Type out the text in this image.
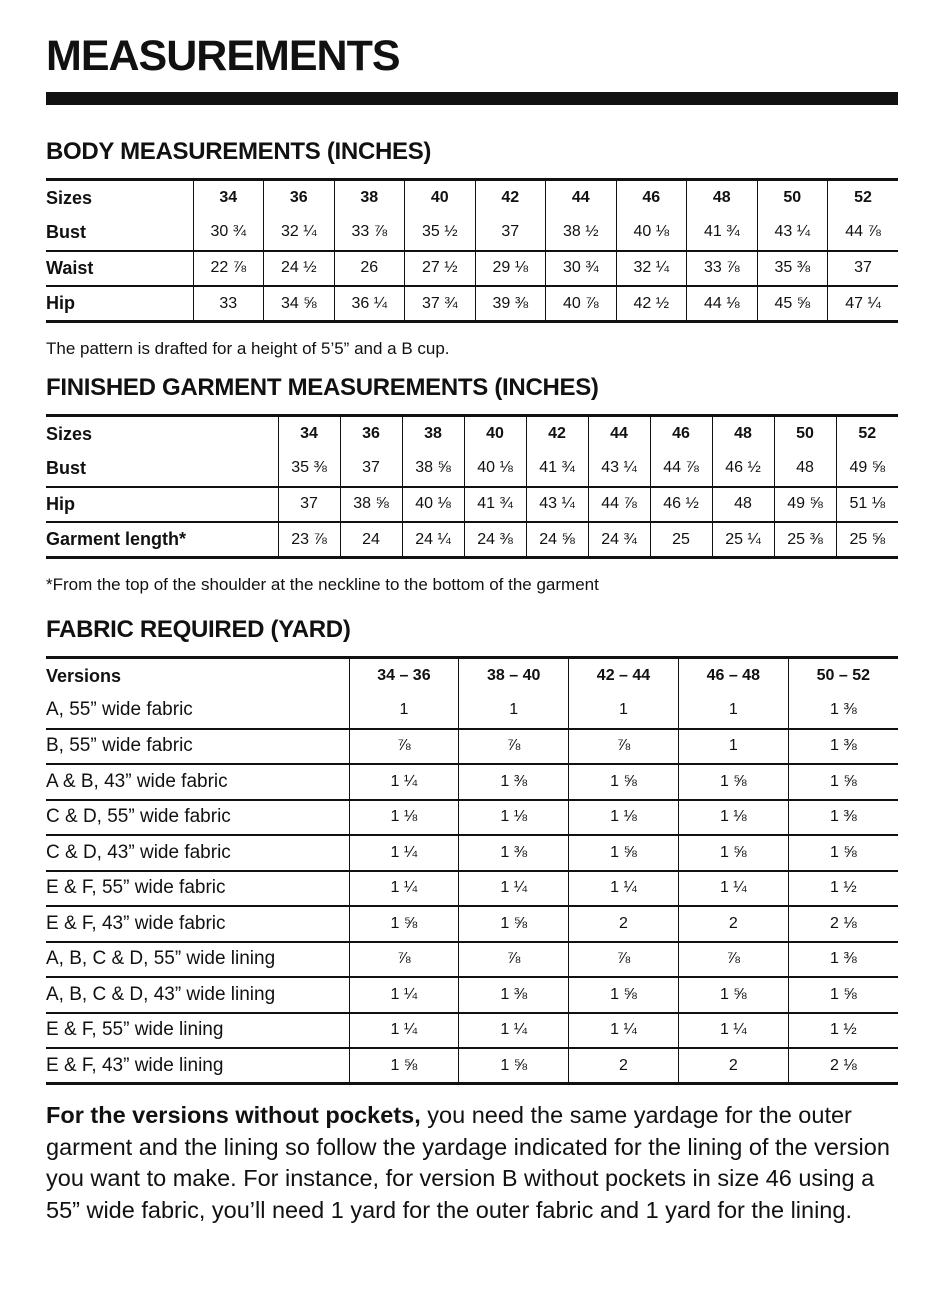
MEASUREMENTS
BODY MEASUREMENTS (INCHES)
Sizes	34	36	38	40	42	44	46	48	50	52
Bust	30 ¾	32 ¼	33 ⅞	35 ½	37	38 ½	40 ⅛	41 ¾	43 ¼	44 ⅞
Waist	22 ⅞	24 ½	26	27 ½	29 ⅛	30 ¾	32 ¼	33 ⅞	35 ⅜	37
Hip	33	34 ⅝	36 ¼	37 ¾	39 ⅜	40 ⅞	42 ½	44 ⅛	45 ⅝	47 ¼

The pattern is drafted for a height of 5’5” and a B cup.

FINISHED GARMENT MEASUREMENTS (INCHES)
Sizes	34	36	38	40	42	44	46	48	50	52
Bust	35 ⅜	37	38 ⅝	40 ⅛	41 ¾	43 ¼	44 ⅞	46 ½	48	49 ⅝
Hip	37	38 ⅝	40 ⅛	41 ¾	43 ¼	44 ⅞	46 ½	48	49 ⅝	51 ⅛
Garment length*	23 ⅞	24	24 ¼	24 ⅜	24 ⅝	24 ¾	25	25 ¼	25 ⅜	25 ⅝

*From the top of the shoulder at the neckline to the bottom of the garment

FABRIC REQUIRED (YARD)
Versions	34 – 36	38 – 40	42 – 44	46 – 48	50 – 52
A, 55” wide fabric	1	1	1	1	1 ⅜
B, 55” wide fabric	⅞	⅞	⅞	1	1 ⅜
A & B, 43” wide fabric	1 ¼	1 ⅜	1 ⅝	1 ⅝	1 ⅝
C & D, 55” wide fabric	1 ⅛	1 ⅛	1 ⅛	1 ⅛	1 ⅜
C & D, 43” wide fabric	1 ¼	1 ⅜	1 ⅝	1 ⅝	1 ⅝
E & F, 55” wide fabric	1 ¼	1 ¼	1 ¼	1 ¼	1 ½
E & F, 43” wide fabric	1 ⅝	1 ⅝	2	2	2 ⅛
A, B, C & D, 55” wide lining	⅞	⅞	⅞	⅞	1 ⅜
A, B, C & D, 43” wide lining	1 ¼	1 ⅜	1 ⅝	1 ⅝	1 ⅝
E & F, 55” wide lining	1 ¼	1 ¼	1 ¼	1 ¼	1 ½
E & F, 43” wide lining	1 ⅝	1 ⅝	2	2	2 ⅛

For the versions without pockets, you need the same yardage for the outer garment and the lining so follow the yardage indicated for the lining of the version you want to make. For instance, for version B without pockets in size 46 using a 55” wide fabric, you’ll need 1 yard for the outer fabric and 1 yard for the lining.
